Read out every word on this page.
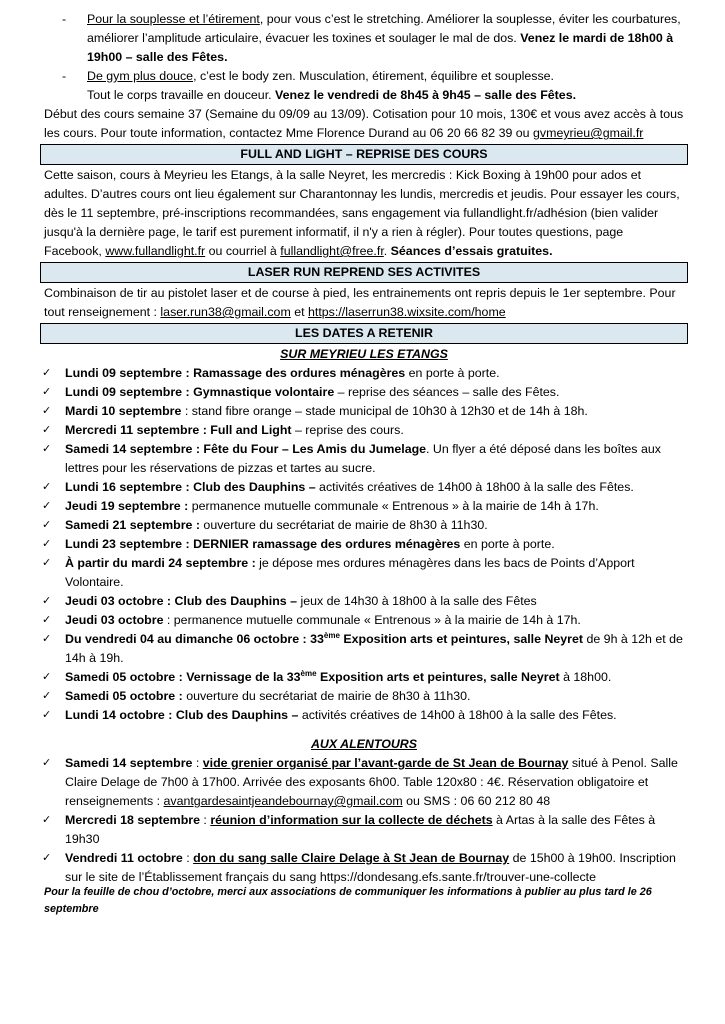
- Pour la souplesse et l’étirement, pour vous c’est le stretching. Améliorer la souplesse, éviter les courbatures, améliorer l’amplitude articulaire, évacuer les toxines et soulager le mal de dos. Venez le mardi de 18h00 à 19h00 – salle des Fêtes.
- De gym plus douce, c’est le body zen. Musculation, étirement, équilibre et souplesse.
Tout le corps travaille en douceur. Venez le vendredi de 8h45 à 9h45 – salle des Fêtes.

Début des cours semaine 37 (Semaine du 09/09 au 13/09). Cotisation pour 10 mois, 130€ et vous avez accès à tous les cours. Pour toute information, contactez Mme Florence Durand au 06 20 66 82 39 ou gvmeyrieu@gmail.fr

FULL AND LIGHT – REPRISE DES COURS

Cette saison, cours à Meyrieu les Etangs, à la salle Neyret, les mercredis : Kick Boxing à 19h00 pour ados et adultes. D’autres cours ont lieu également sur Charantonnay les lundis, mercredis et jeudis. Pour essayer les cours, dès le 11 septembre, pré-inscriptions recommandées, sans engagement via fullandlight.fr/adhésion (bien valider jusqu'à la dernière page, le tarif est purement informatif, il n'y a rien à régler). Pour toutes questions, page Facebook, www.fullandlight.fr ou courriel à fullandlight@free.fr. Séances d’essais gratuites.

LASER RUN REPREND SES ACTIVITES

Combinaison de tir au pistolet laser et de course à pied, les entrainements ont repris depuis le 1er septembre. Pour tout renseignement : laser.run38@gmail.com et https://laserrun38.wixsite.com/home

LES DATES A RETENIR
SUR MEYRIEU LES ETANGS
✓ Lundi 09 septembre : Ramassage des ordures ménagères en porte à porte.
✓ Lundi 09 septembre : Gymnastique volontaire – reprise des séances – salle des Fêtes.
✓ Mardi 10 septembre : stand fibre orange – stade municipal de 10h30 à 12h30 et de 14h à 18h.
✓ Mercredi 11 septembre : Full and Light – reprise des cours.
✓ Samedi 14 septembre : Fête du Four – Les Amis du Jumelage. Un flyer a été déposé dans les boîtes aux lettres pour les réservations de pizzas et tartes au sucre.
✓ Lundi 16 septembre : Club des Dauphins – activités créatives de 14h00 à 18h00 à la salle des Fêtes.
✓ Jeudi 19 septembre : permanence mutuelle communale « Entrenous » à la mairie de 14h à 17h.
✓ Samedi 21 septembre : ouverture du secrétariat de mairie de 8h30 à 11h30.
✓ Lundi 23 septembre : DERNIER ramassage des ordures ménagères en porte à porte.
✓ À partir du mardi 24 septembre : je dépose mes ordures ménagères dans les bacs de Points d’Apport Volontaire.
✓ Jeudi 03 octobre : Club des Dauphins – jeux de 14h30 à 18h00 à la salle des Fêtes
✓ Jeudi 03 octobre : permanence mutuelle communale « Entrenous » à la mairie de 14h à 17h.
✓ Du vendredi 04 au dimanche 06 octobre : 33ème Exposition arts et peintures, salle Neyret de 9h à 12h et de 14h à 19h.
✓ Samedi 05 octobre : Vernissage de la 33ème Exposition arts et peintures, salle Neyret à 18h00.
✓ Samedi 05 octobre : ouverture du secrétariat de mairie de 8h30 à 11h30.
✓ Lundi 14 octobre : Club des Dauphins – activités créatives de 14h00 à 18h00 à la salle des Fêtes.
AUX ALENTOURS
✓ Samedi 14 septembre : vide grenier organisé par l’avant-garde de St Jean de Bournay situé à Penol. Salle Claire Delage de 7h00 à 17h00. Arrivée des exposants 6h00. Table 120x80 : 4€. Réservation obligatoire et renseignements : avantgardesaintjeandebournay@gmail.com ou SMS : 06 60 212 80 48
✓ Mercredi 18 septembre : réunion d’information sur la collecte de déchets à Artas à la salle des Fêtes à 19h30
✓ Vendredi 11 octobre : don du sang salle Claire Delage à St Jean de Bournay de 15h00 à 19h00. Inscription sur le site de l’Établissement français du sang https://dondesang.efs.sante.fr/trouver-une-collecte
Pour la feuille de chou d’octobre, merci aux associations de communiquer les informations à publier au plus tard le 26 septembre
